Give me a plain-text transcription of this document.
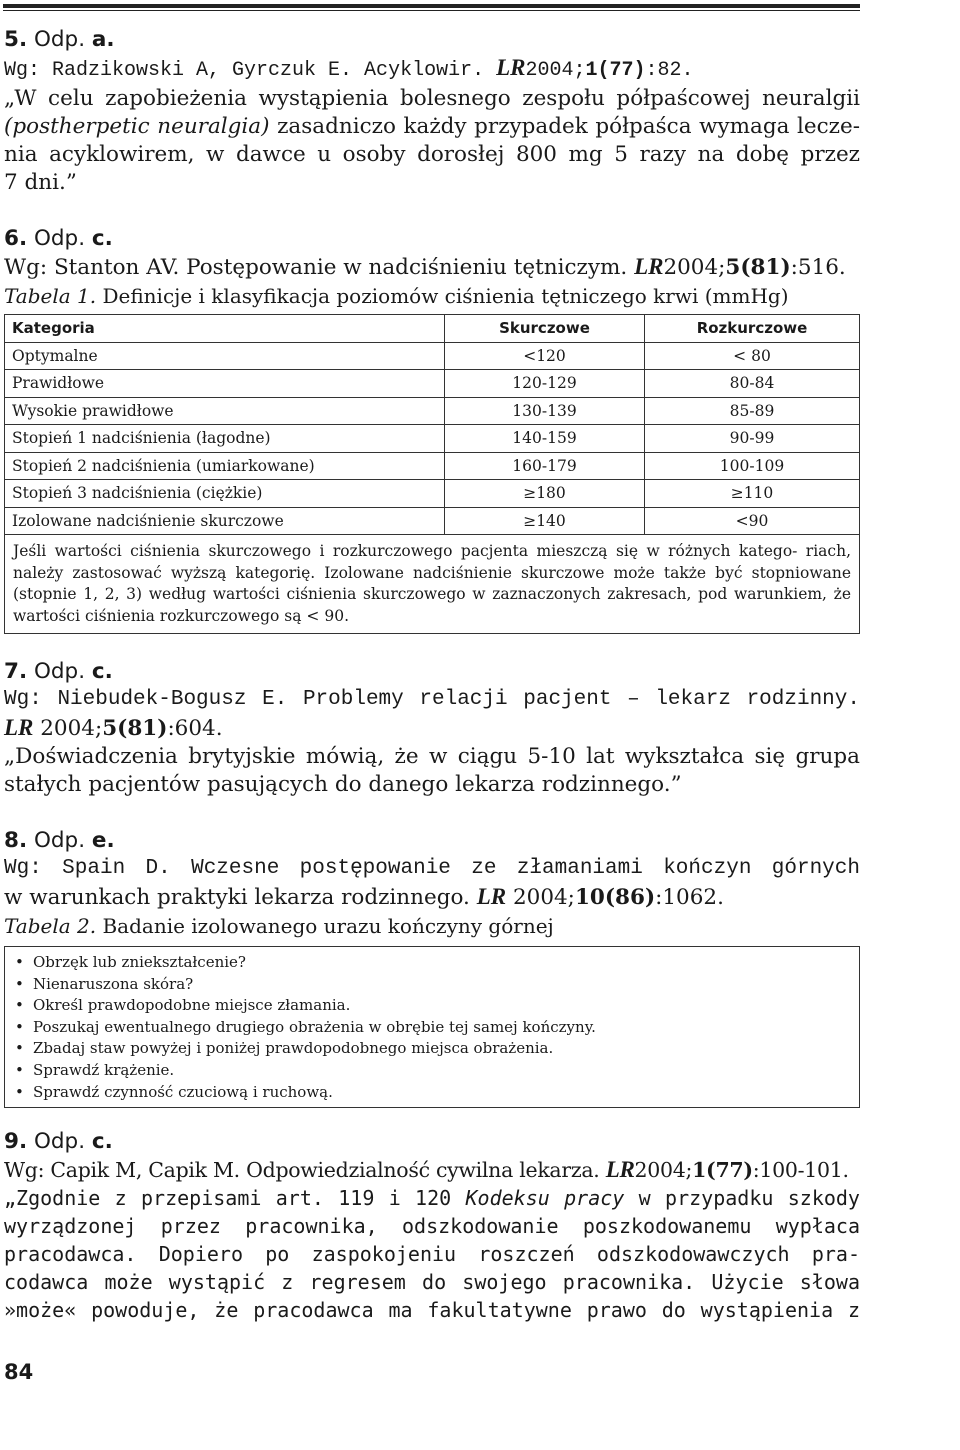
5. Odp. a.
Wg: Radzikowski A, Gyrczuk E. Acyklowir. LR2004;1(77):82.
„W celu zapobieżenia wystąpienia bolesnego zespołu półpaścowej neuralgii
(postherpetic neuralgia) zasadniczo każdy przypadek półpaśca wymaga lecze-
nia acyklowirem, w dawce u osoby dorosłej 800 mg 5 razy na dobę przez
7 dni.”
6. Odp. c.
Wg: Stanton AV. Postępowanie w nadciśnieniu tętniczym. LR2004;5(81):516.
Tabela 1. Definicje i klasyfikacja poziomów ciśnienia tętniczego krwi (mmHg)
Kategoria	Skurczowe	Rozkurczowe
Optymalne	<120	< 80
Prawidłowe	120-129	80-84
Wysokie prawidłowe	130-139	85-89
Stopień 1 nadciśnienia (łagodne)	140-159	90-99
Stopień 2 nadciśnienia (umiarkowane)	160-179	100-109
Stopień 3 nadciśnienia (ciężkie)	≥180	≥110
Izolowane nadciśnienie skurczowe	≥140	<90
Jeśli wartości ciśnienia skurczowego i rozkurczowego pacjenta mieszczą się w różnych katego- riach, należy zastosować wyższą kategorię. Izolowane nadciśnienie skurczowe może także być stopniowane (stopnie 1, 2, 3) według wartości ciśnienia skurczowego w zaznaczonych zakresach, pod warunkiem, że wartości ciśnienia rozkurczowego są < 90.		
7. Odp. c.
Wg: Niebudek-Bogusz E. Problemy relacji pacjent – lekarz rodzinny.
LR 2004;5(81):604.
„Doświadczenia brytyjskie mówią, że w ciągu 5-10 lat wykształca się grupa
stałych pacjentów pasujących do danego lekarza rodzinnego.”
8. Odp. e.
Wg: Spain D. Wczesne postępowanie ze złamaniami kończyn górnych
w warunkach praktyki lekarza rodzinnego. LR 2004;10(86):1062.
Tabela 2. Badanie izolowanego urazu kończyny górnej
• Obrzęk lub zniekształcenie?
• Nienaruszona skóra?
• Określ prawdopodobne miejsce złamania.
• Poszukaj ewentualnego drugiego obrażenia w obrębie tej samej kończyny.
• Zbadaj staw powyżej i poniżej prawdopodobnego miejsca obrażenia.
• Sprawdź krążenie.
• Sprawdź czynność czuciową i ruchową.
9. Odp. c.
Wg: Capik M, Capik M. Odpowiedzialność cywilna lekarza. LR2004;1(77):100-101.
„Zgodnie z przepisami art. 119 i 120 Kodeksu pracy w przypadku szkody
wyrządzonej przez pracownika, odszkodowanie poszkodowanemu wypłaca
pracodawca. Dopiero po zaspokojeniu roszczeń odszkodowawczych pra-
codawca może wystąpić z regresem do swojego pracownika. Użycie słowa
»może« powoduje, że pracodawca ma fakultatywne prawo do wystąpienia z
84
